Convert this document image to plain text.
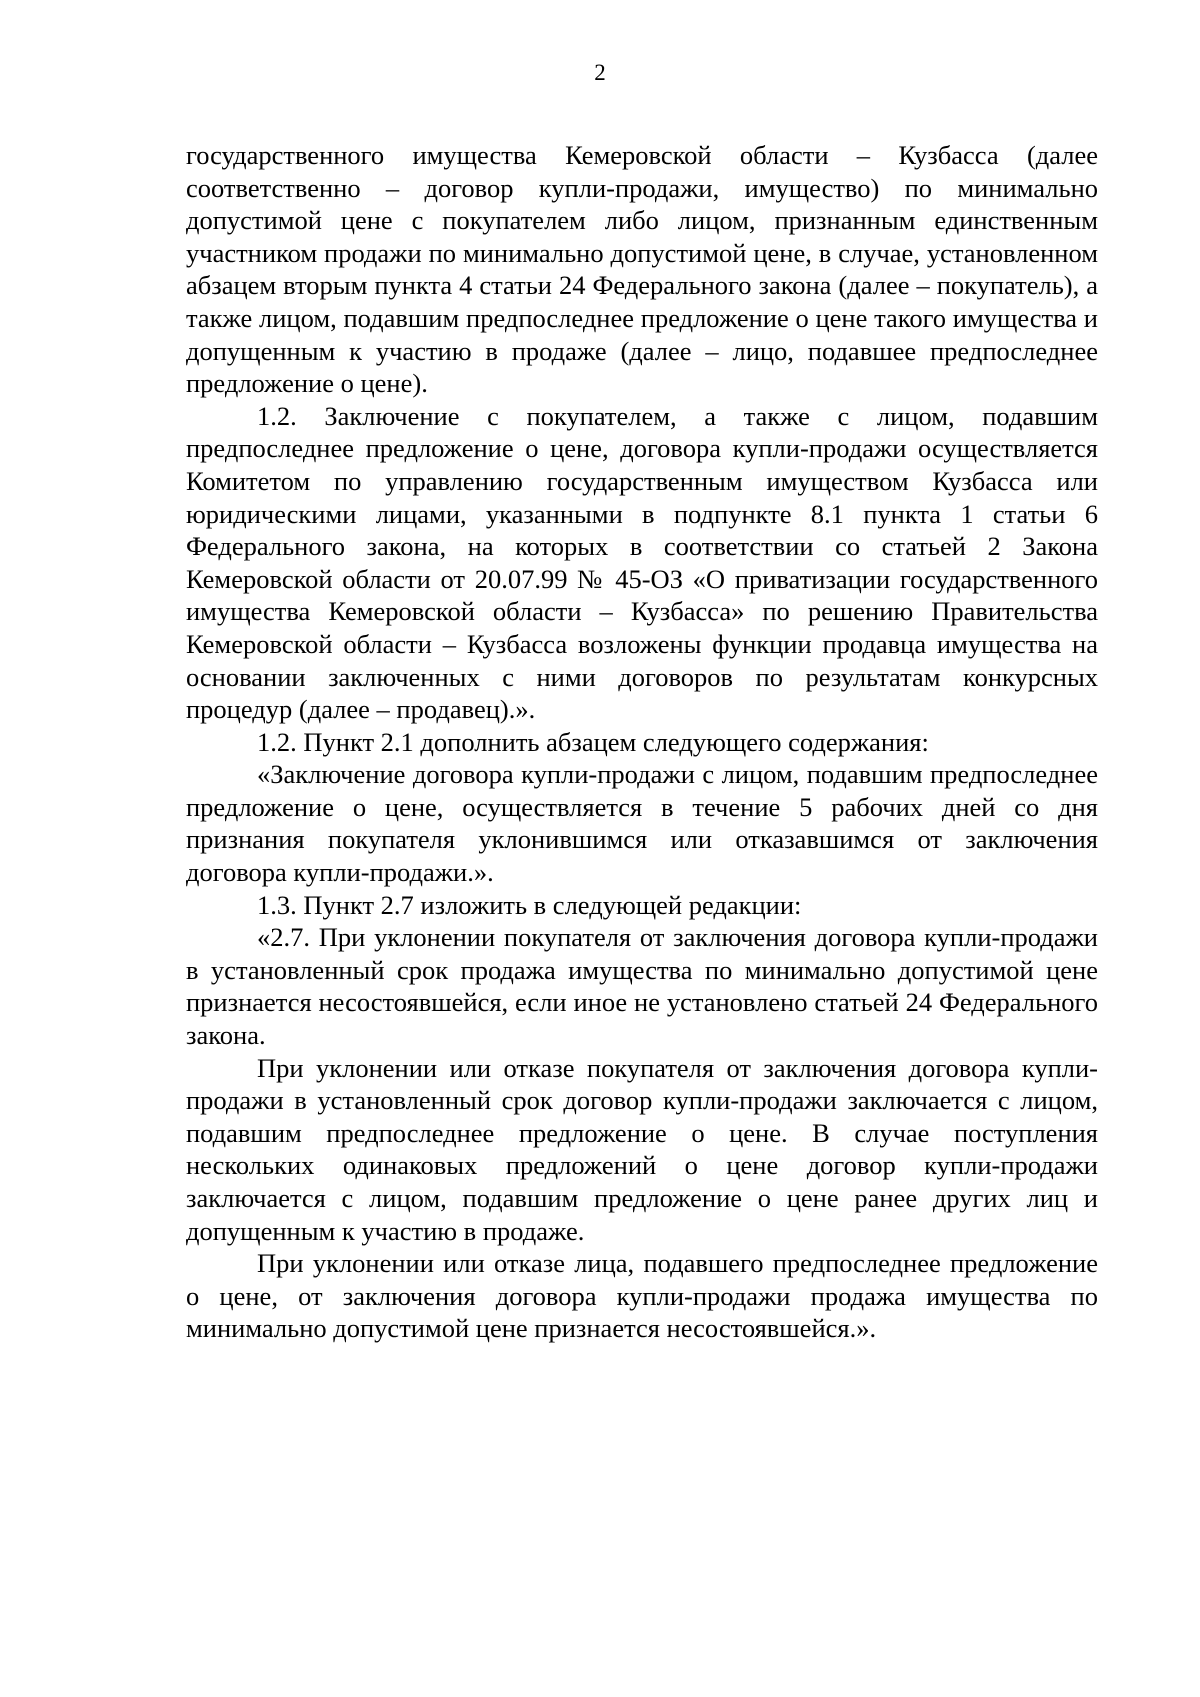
2

государственного имущества Кемеровской области – Кузбасса (далее соответственно – договор купли-продажи, имущество) по минимально допустимой цене с покупателем либо лицом, признанным единственным участником продажи по минимально допустимой цене, в случае, установленном абзацем вторым пункта 4 статьи 24 Федерального закона (далее – покупатель), а также лицом, подавшим предпоследнее предложение о цене такого имущества и допущенным к участию в продаже (далее – лицо, подавшее предпоследнее предложение о цене).

1.2. Заключение с покупателем, а также с лицом, подавшим предпоследнее предложение о цене, договора купли-продажи осуществляется Комитетом по управлению государственным имуществом Кузбасса или юридическими лицами, указанными в подпункте 8.1 пункта 1 статьи 6 Федерального закона, на которых в соответствии со статьей 2 Закона Кемеровской области от 20.07.99 № 45-ОЗ «О приватизации государственного имущества Кемеровской области – Кузбасса» по решению Правительства Кемеровской области – Кузбасса возложены функции продавца имущества на основании заключенных с ними договоров по результатам конкурсных процедур (далее – продавец).».

1.2. Пункт 2.1 дополнить абзацем следующего содержания:

«Заключение договора купли-продажи с лицом, подавшим предпоследнее предложение о цене, осуществляется в течение 5 рабочих дней со дня признания покупателя уклонившимся или отказавшимся от заключения договора купли-продажи.».

1.3. Пункт 2.7 изложить в следующей редакции:

«2.7. При уклонении покупателя от заключения договора купли-продажи в установленный срок продажа имущества по минимально допустимой цене признается несостоявшейся, если иное не установлено статьей 24 Федерального закона.

При уклонении или отказе покупателя от заключения договора купли-продажи в установленный срок договор купли-продажи заключается с лицом, подавшим предпоследнее предложение о цене. В случае поступления нескольких одинаковых предложений о цене договор купли-продажи заключается с лицом, подавшим предложение о цене ранее других лиц и допущенным к участию в продаже.

При уклонении или отказе лица, подавшего предпоследнее предложение о цене, от заключения договора купли-продажи продажа имущества по минимально допустимой цене признается несостоявшейся.».
